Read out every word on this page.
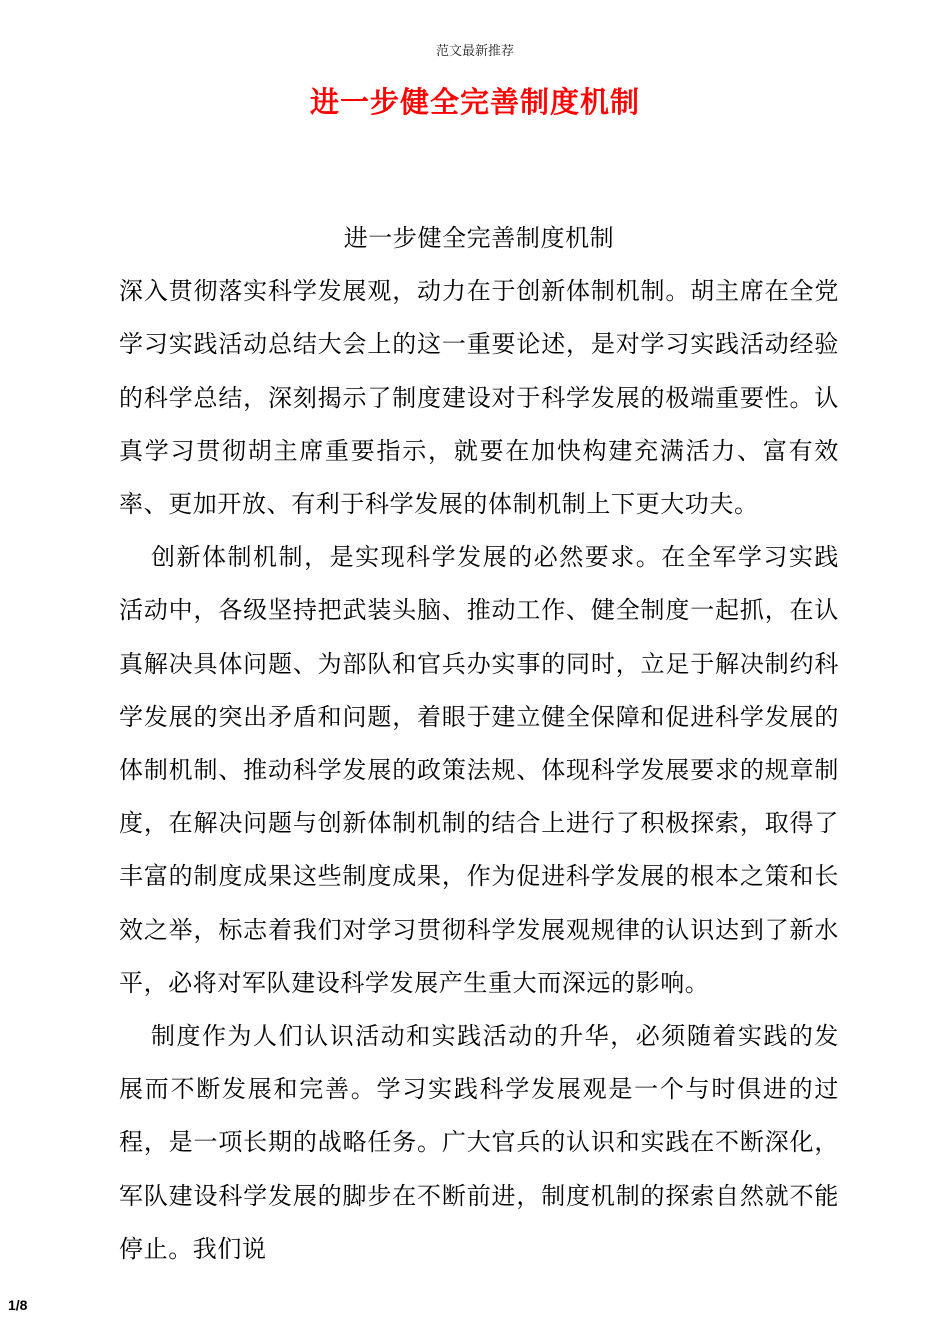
范文最新推荐
进一步健全完善制度机制

进一步健全完善制度机制

深入贯彻落实科学发展观，动力在于创新体制机制。胡主席在全党学习实践活动总结大会上的这一重要论述，是对学习实践活动经验的科学总结，深刻揭示了制度建设对于科学发展的极端重要性。认真学习贯彻胡主席重要指示，就要在加快构建充满活力、富有效率、更加开放、有利于科学发展的体制机制上下更大功夫。

创新体制机制，是实现科学发展的必然要求。在全军学习实践活动中，各级坚持把武装头脑、推动工作、健全制度一起抓，在认真解决具体问题、为部队和官兵办实事的同时，立足于解决制约科学发展的突出矛盾和问题，着眼于建立健全保障和促进科学发展的体制机制、推动科学发展的政策法规、体现科学发展要求的规章制度，在解决问题与创新体制机制的结合上进行了积极探索，取得了丰富的制度成果这些制度成果，作为促进科学发展的根本之策和长效之举，标志着我们对学习贯彻科学发展观规律的认识达到了新水平，必将对军队建设科学发展产生重大而深远的影响。

制度作为人们认识活动和实践活动的升华，必须随着实践的发展而不断发展和完善。学习实践科学发展观是一个与时俱进的过程，是一项长期的战略任务。广大官兵的认识和实践在不断深化，军队建设科学发展的脚步在不断前进，制度机制的探索自然就不能停止。我们说

1/8
